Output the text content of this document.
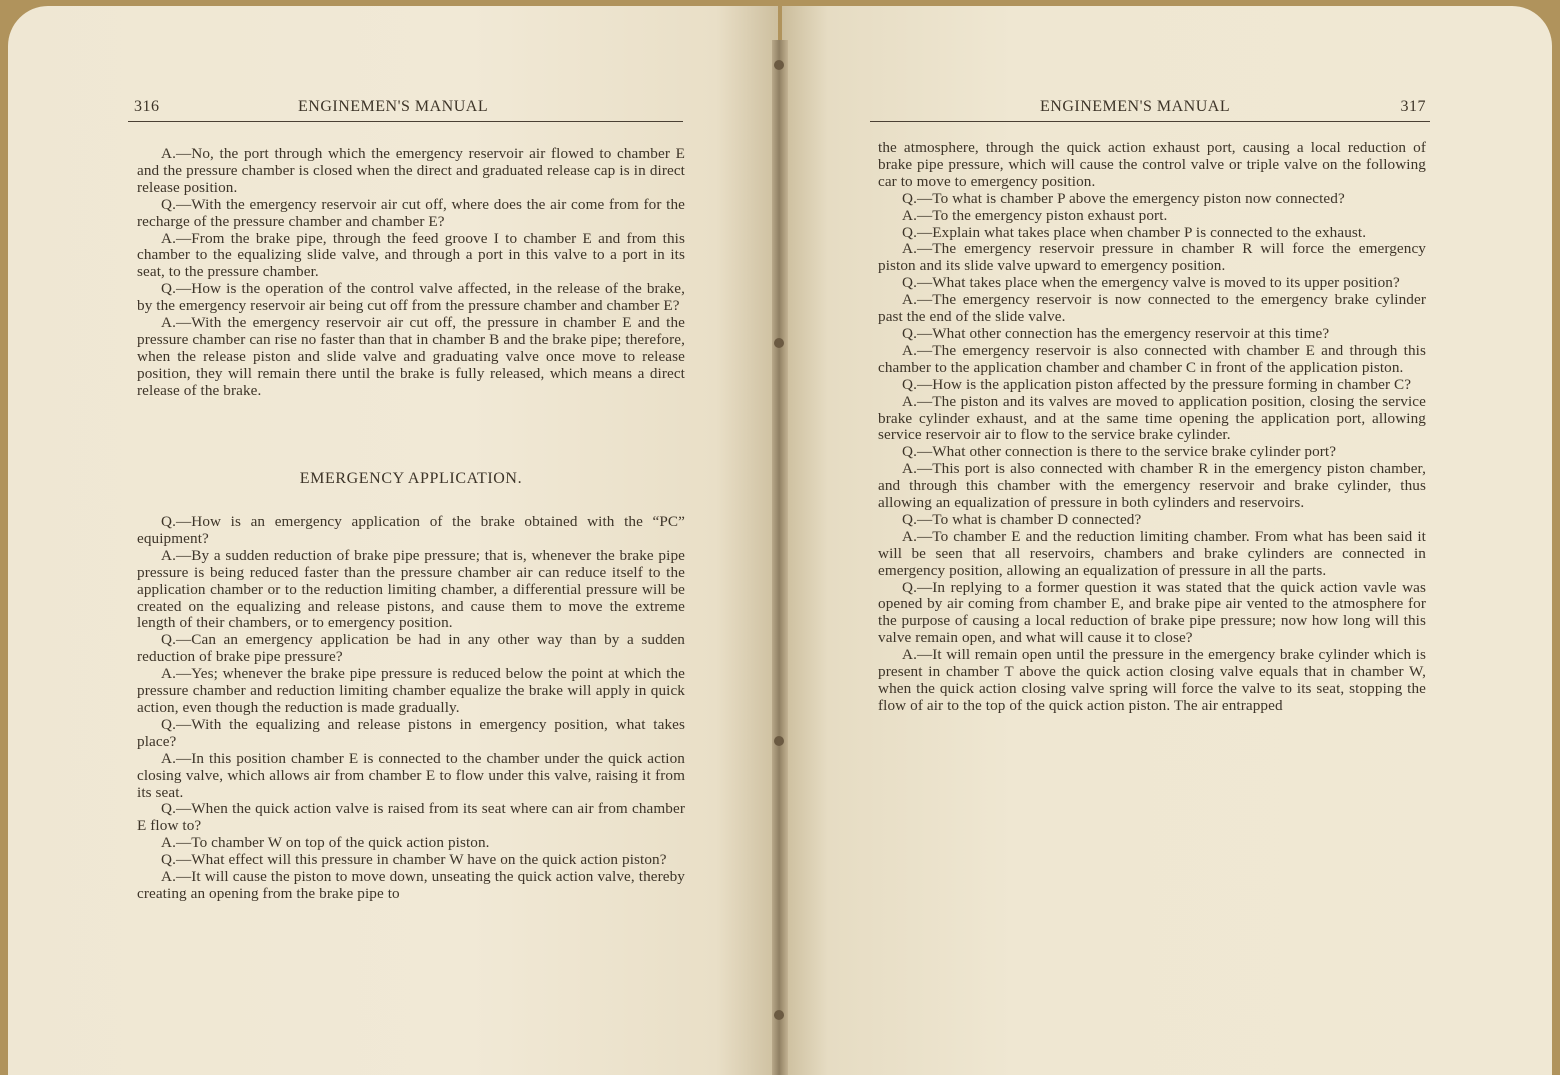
316	ENGINEMEN'S MANUAL

A.—No, the port through which the emergency reservoir air flowed to chamber E and the pressure chamber is closed when the direct and graduated release cap is in direct release position.

Q.—With the emergency reservoir air cut off, where does the air come from for the recharge of the pressure chamber and chamber E?

A.—From the brake pipe, through the feed groove I to chamber E and from this chamber to the equalizing slide valve, and through a port in this valve to a port in its seat, to the pressure chamber.

Q.—How is the operation of the control valve affected, in the release of the brake, by the emergency reservoir air being cut off from the pressure chamber and chamber E?

A.—With the emergency reservoir air cut off, the pressure in chamber E and the pressure chamber can rise no faster than that in chamber B and the brake pipe; therefore, when the release piston and slide valve and graduating valve once move to release position, they will remain there until the brake is fully released, which means a direct release of the brake.

EMERGENCY APPLICATION.

Q.—How is an emergency application of the brake obtained with the “PC” equipment?

A.—By a sudden reduction of brake pipe pressure; that is, whenever the brake pipe pressure is being reduced faster than the pressure chamber air can reduce itself to the application chamber or to the reduction limiting chamber, a differential pressure will be created on the equalizing and release pistons, and cause them to move the extreme length of their chambers, or to emergency position.

Q.—Can an emergency application be had in any other way than by a sudden reduction of brake pipe pressure?

A.—Yes; whenever the brake pipe pressure is reduced below the point at which the pressure chamber and reduction limiting chamber equalize the brake will apply in quick action, even though the reduction is made gradually.

Q.—With the equalizing and release pistons in emergency position, what takes place?

A.—In this position chamber E is connected to the chamber under the quick action closing valve, which allows air from chamber E to flow under this valve, raising it from its seat.

Q.—When the quick action valve is raised from its seat where can air from chamber E flow to?

A.—To chamber W on top of the quick action piston.

Q.—What effect will this pressure in chamber W have on the quick action piston?

A.—It will cause the piston to move down, unseating the quick action valve, thereby creating an opening from the brake pipe to

ENGINEMEN'S MANUAL	317

the atmosphere, through the quick action exhaust port, causing a local reduction of brake pipe pressure, which will cause the control valve or triple valve on the following car to move to emergency position.

Q.—To what is chamber P above the emergency piston now connected?

A.—To the emergency piston exhaust port.

Q.—Explain what takes place when chamber P is connected to the exhaust.

A.—The emergency reservoir pressure in chamber R will force the emergency piston and its slide valve upward to emergency position.

Q.—What takes place when the emergency valve is moved to its upper position?

A.—The emergency reservoir is now connected to the emergency brake cylinder past the end of the slide valve.

Q.—What other connection has the emergency reservoir at this time?

A.—The emergency reservoir is also connected with chamber E and through this chamber to the application chamber and chamber C in front of the application piston.

Q.—How is the application piston affected by the pressure forming in chamber C?

A.—The piston and its valves are moved to application position, closing the service brake cylinder exhaust, and at the same time opening the application port, allowing service reservoir air to flow to the service brake cylinder.

Q.—What other connection is there to the service brake cylinder port?

A.—This port is also connected with chamber R in the emergency piston chamber, and through this chamber with the emergency reservoir and brake cylinder, thus allowing an equalization of pressure in both cylinders and reservoirs.

Q.—To what is chamber D connected?

A.—To chamber E and the reduction limiting chamber. From what has been said it will be seen that all reservoirs, chambers and brake cylinders are connected in emergency position, allowing an equalization of pressure in all the parts.

Q.—In replying to a former question it was stated that the quick action vavle was opened by air coming from chamber E, and brake pipe air vented to the atmosphere for the purpose of causing a local reduction of brake pipe pressure; now how long will this valve remain open, and what will cause it to close?

A.—It will remain open until the pressure in the emergency brake cylinder which is present in chamber T above the quick action closing valve equals that in chamber W, when the quick action closing valve spring will force the valve to its seat, stopping the flow of air to the top of the quick action piston. The air entrapped
